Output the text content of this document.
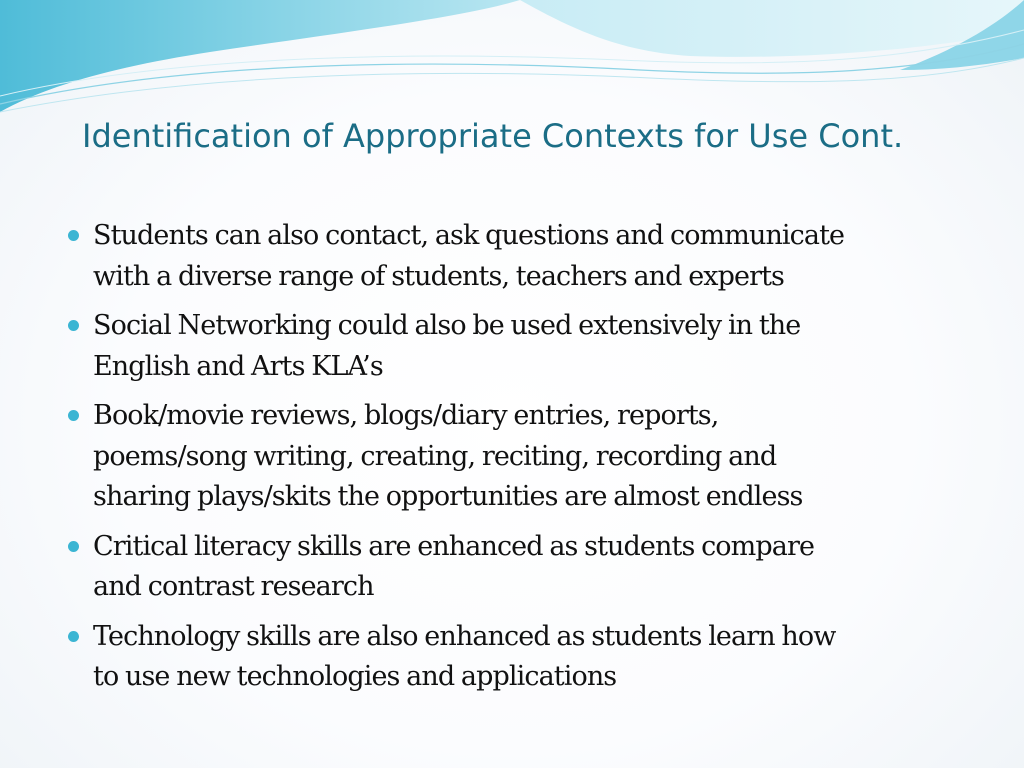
Identification of Appropriate Contexts for Use Cont.
Students can also contact, ask questions and communicate
with a diverse range of students, teachers and experts
Social Networking could also be used extensively in the
English and Arts KLA’s
Book/movie reviews, blogs/diary entries, reports,
poems/song writing, creating, reciting, recording and
sharing plays/skits the opportunities are almost endless
Critical literacy skills are enhanced as students compare
and contrast research
Technology skills are also enhanced as students learn how
to use new technologies and applications
